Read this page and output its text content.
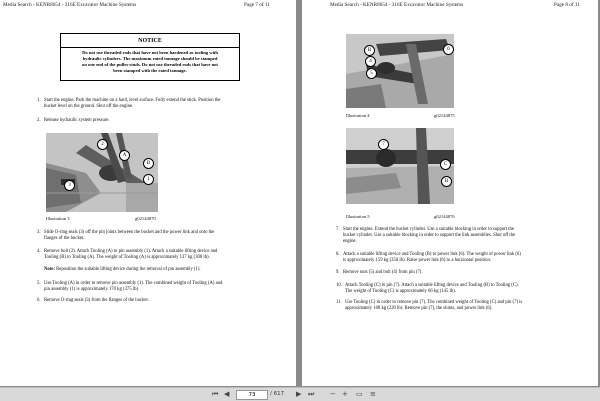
Media Search - KENR8654 - 316E Excavator Machine Systems	Page 7 of 11
NOTICE
Do not use threaded rods that have not been hardened as tooling with
hydraulic cylinders. The maximum rated tonnage should be stamped
on one end of the puller studs. Do not use threaded rods that have not
been stamped with the rated tonnage.
1. Start the engine. Park the machine on a hard, level surface. Fully extend the stick. Position the
bucket level on the ground. Shut off the engine.
2. Release hydraulic system pressure.
A
B
1
2
3
Illustration 3	g02144870
3. Slide O-ring seals (3) off the pin joints between the bucket and the power link and onto the
flanges of the bucket.
4. Remove bolt (2). Attach Tooling (A) to pin assembly (1). Attach a suitable lifting device and
Tooling (B) to Tooling (A). The weight of Tooling (A) is approximately 137 kg (300 lb).
Note: Reposition the suitable lifting device during the removal of pin assembly (1).
5. Use Tooling (A) in order to remove pin assembly (1). The combined weight of Tooling (A) and
pin assembly (1) is approximately 170 kg (375 lb).
6. Remove O-ring seals (3) from the flanges of the bucket.
Media Search - KENR8654 - 316E Excavator Machine Systems	Page 8 of 11
B
4
5
6
Illustration 4	g02144875
7
C
B
Illustration 5	g02144876
7. Start the engine. Extend the bucket cylinder. Use a suitable blocking in order to support the
bucket cylinder. Use a suitable blocking in order to support the link assemblies. Shut off the
engine.
8. Attach a suitable lifting device and Tooling (B) to power link (6). The weight of power link (6)
is approximately 159 kg (350 lb). Raise power link (6) to a horizontal position.
9. Remove nuts (5) and bolt (4) from pin (7).
10. Attach Tooling (C) to pin (7). Attach a suitable lifting device and Tooling (B) to Tooling (C).
The weight of Tooling (C) is approximately 66 kg (145 lb).
11. Use Tooling (C) in order to remove pin (7). The combined weight of Tooling (C) and pin (7) is
approximately 100 kg (220 lb). Remove pin (7), the shims, and power link (6).
⏮ ◀	73	/ 617 ▶ ⏭ − + ▭ ≡
